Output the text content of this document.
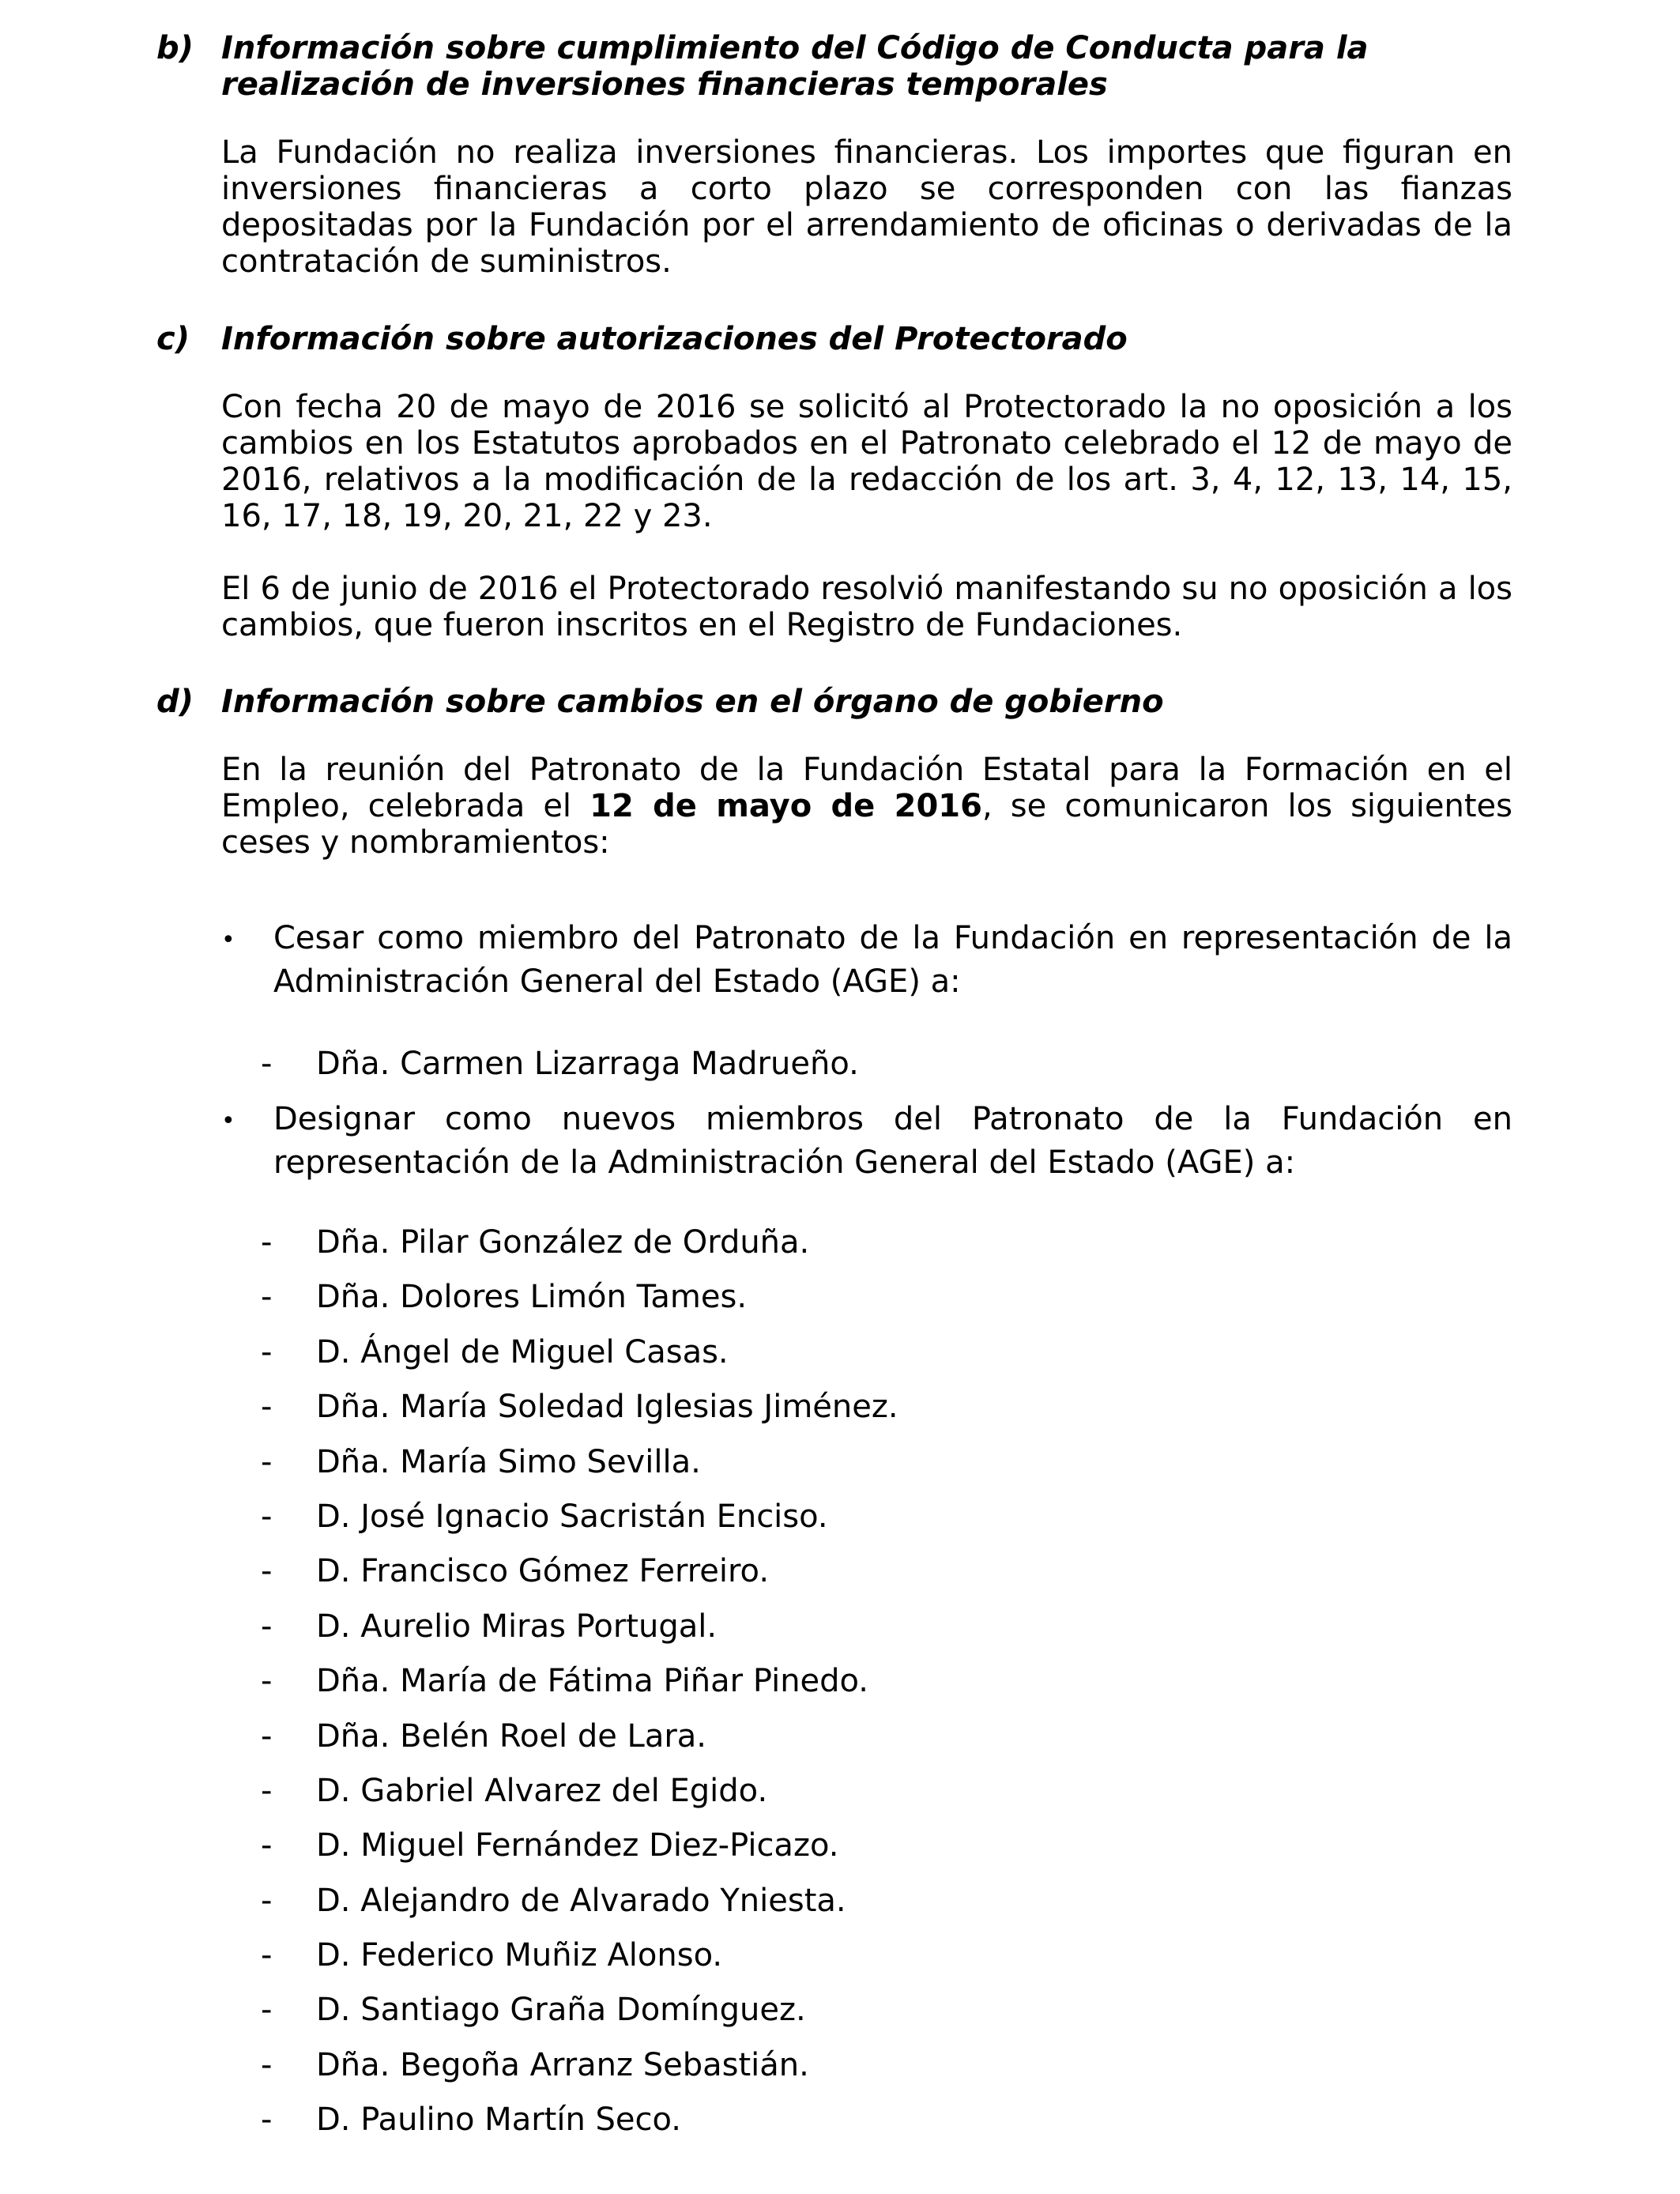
b) Información sobre cumplimiento del Código de Conducta para la realización de inversiones financieras temporales
La Fundación no realiza inversiones financieras. Los importes que figuran en inversiones financieras a corto plazo se corresponden con las fianzas depositadas por la Fundación por el arrendamiento de oficinas o derivadas de la contratación de suministros.
c)	Información sobre autorizaciones del Protectorado
Con fecha 20 de mayo de 2016 se solicitó al Protectorado la no oposición a los cambios en los Estatutos aprobados en el Patronato celebrado el 12 de mayo de 2016, relativos a la modificación de la redacción de los art. 3, 4, 12, 13, 14, 15, 16, 17, 18, 19, 20, 21, 22 y 23.
El 6 de junio de 2016 el Protectorado resolvió manifestando su no oposición a los cambios, que fueron inscritos en el Registro de Fundaciones.
d) Información sobre cambios en el órgano de gobierno
En la reunión del Patronato de la Fundación Estatal para la Formación en el Empleo, celebrada el 12 de mayo de 2016, se comunicaron los siguientes ceses y nombramientos:
•	Cesar como miembro del Patronato de la Fundación en representación de la Administración General del Estado (AGE) a:
-	Dña. Carmen Lizarraga Madrueño.
•	Designar como nuevos miembros del Patronato de la Fundación en representación de la Administración General del Estado (AGE) a:
-	Dña. Pilar González de Orduña.
-	Dña. Dolores Limón Tames.
-	D. Ángel de Miguel Casas.
-	Dña. María Soledad Iglesias Jiménez.
-	Dña. María Simo Sevilla.
-	D. José Ignacio Sacristán Enciso.
-	D. Francisco Gómez Ferreiro.
-	D. Aurelio Miras Portugal.
-	Dña. María de Fátima Piñar Pinedo.
-	Dña. Belén Roel de Lara.
-	D. Gabriel Alvarez del Egido.
-	D. Miguel Fernández Diez-Picazo.
-	D. Alejandro de Alvarado Yniesta.
-	D. Federico Muñiz Alonso.
-	D. Santiago Graña Domínguez.
-	Dña. Begoña Arranz Sebastián.
-	D. Paulino Martín Seco.
